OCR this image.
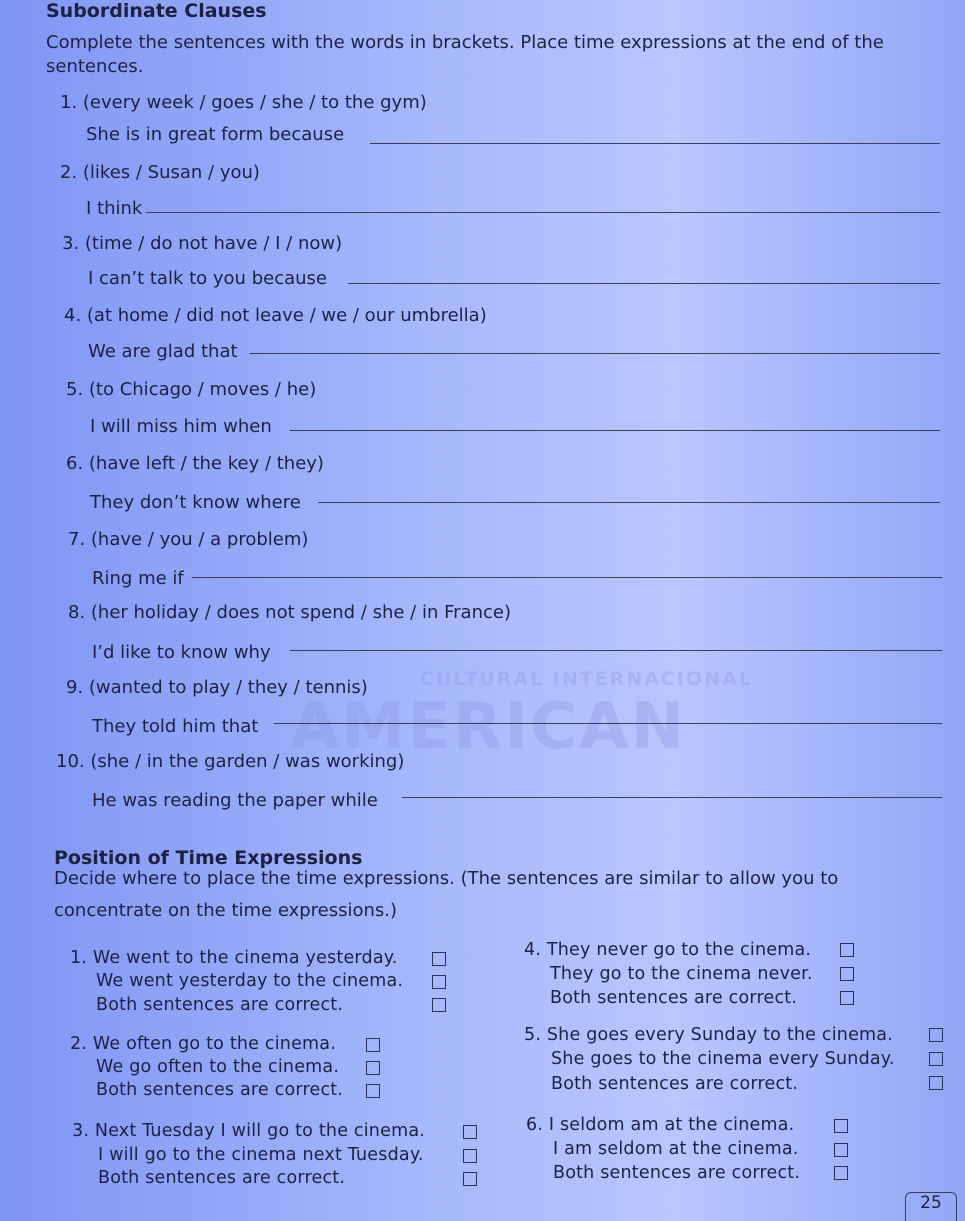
CULTURAL INTERNACIONAL
AMERICAN
Subordinate Clauses
Complete the sentences with the words in brackets. Place time expressions at the end of the
sentences.
1. (every week / goes / she / to the gym)
She is in great form because
2. (likes / Susan / you)
I think
3. (time / do not have / I / now)
I can’t talk to you because
4. (at home / did not leave / we / our umbrella)
We are glad that
5. (to Chicago / moves / he)
I will miss him when
6. (have left / the key / they)
They don’t know where
7. (have / you / a problem)
Ring me if
8. (her holiday / does not spend / she / in France)
I’d like to know why
9. (wanted to play / they / tennis)
They told him that
10. (she / in the garden / was working)
He was reading the paper while
Position of Time Expressions
Decide where to place the time expressions. (The sentences are similar to allow you to
concentrate on the time expressions.)
1. We went to the cinema yesterday.
We went yesterday to the cinema.
Both sentences are correct.
2. We often go to the cinema.
We go often to the cinema.
Both sentences are correct.
3. Next Tuesday I will go to the cinema.
I will go to the cinema next Tuesday.
Both sentences are correct.
4. They never go to the cinema.
They go to the cinema never.
Both sentences are correct.
5. She goes every Sunday to the cinema.
She goes to the cinema every Sunday.
Both sentences are correct.
6. I seldom am at the cinema.
I am seldom at the cinema.
Both sentences are correct.
25
